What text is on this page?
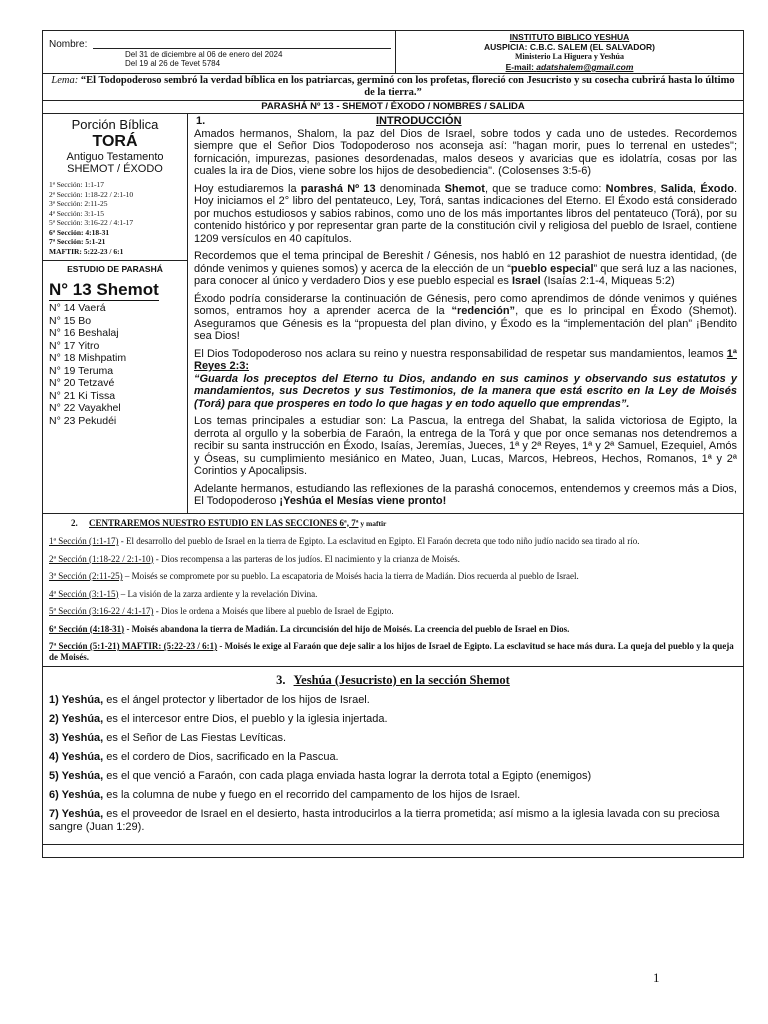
Nombre:
Del 31 de diciembre al 06 de enero del 2024
Del 19 al 26 de Tevet 5784
INSTITUTO BIBLICO YESHUA
AUSPICIA: C.B.C. SALEM (EL SALVADOR)
Ministerio La Higuera y Yeshúa
E-mail: adatshalem@gmail.com
Lema: “El Todopoderoso sembró la verdad bíblica en los patriarcas, germinó con los profetas, floreció con Jesucristo y su cosecha cubrirá hasta lo último de la tierra.”
PARASHÁ Nº 13 - SHEMOT / ÉXODO / NOMBRES / SALIDA
Porción Bíblica
TORÁ
Antiguo Testamento
SHEMOT / ÉXODO
1ª Sección: 1:1-17
2ª Sección: 1:18-22 / 2:1-10
3ª Sección: 2:11-25
4ª Sección: 3:1-15
5ª Sección: 3:16-22 / 4:1-17
6ª Sección: 4:18-31
7ª Sección: 5:1-21
MAFTIR: 5:22-23 / 6:1
ESTUDIO DE PARASHÁ
N° 13 Shemot
N° 14 Vaerá
N° 15 Bo
N° 16 Beshalaj
N° 17 Yitro
N° 18 Mishpatim
N° 19 Teruma
N° 20 Tetzavé
N° 21 Ki Tissa
N° 22 Vayakhel
N° 23 Pekudéi
1.	INTRODUCCIÓN

Amados hermanos, Shalom, la paz del Dios de Israel, sobre todos y cada uno de ustedes. Recordemos siempre que el Señor Dios Todopoderoso nos aconseja así: "hagan morir, pues lo terrenal en ustedes"; fornicación, impurezas, pasiones desordenadas, malos deseos y avaricias que es idolatría, cosas por las cuales la ira de Dios, viene sobre los hijos de desobediencia". (Colosenses 3:5-6)

Hoy estudiaremos la parashá Nº 13 denominada Shemot, que se traduce como: Nombres, Salida, Éxodo. Hoy iniciamos el 2° libro del pentateuco, Ley, Torá, santas indicaciones del Eterno. El Éxodo está considerado por muchos estudiosos y sabios rabinos, como uno de los más importantes libros del pentateuco (Torá), por su contenido histórico y por representar gran parte de la constitución civil y religiosa del pueblo de Israel, contiene 1209 versículos en 40 capítulos.

Recordemos que el tema principal de Bereshit / Génesis, nos habló en 12 parashiot de nuestra identidad, (de dónde venimos y quienes somos) y acerca de la elección de un “pueblo especial” que será luz a las naciones, para conocer al único y verdadero Dios y ese pueblo especial es Israel (Isaías 2:1-4, Miqueas 5:2)

Éxodo podría considerarse la continuación de Génesis, pero como aprendimos de dónde venimos y quiénes somos, entramos hoy a aprender acerca de la “redención”, que es lo principal en Éxodo (Shemot). Aseguramos que Génesis es la “propuesta del plan divino, y Éxodo es la “implementación del plan” ¡Bendito sea Dios!

El Dios Todopoderoso nos aclara su reino y nuestra responsabilidad de respetar sus mandamientos, leamos 1ª Reyes 2:3:
“Guarda los preceptos del Eterno tu Dios, andando en sus caminos y observando sus estatutos y mandamientos, sus Decretos y sus Testimonios, de la manera que está escrito en la Ley de Moisés (Torá) para que prosperes en todo lo que hagas y en todo aquello que emprendas”.

Los temas principales a estudiar son: La Pascua, la entrega del Shabat, la salida victoriosa de Egipto, la derrota al orgullo y la soberbia de Faraón, la entrega de la Torá y que por once semanas nos detendremos a recibir su santa instrucción en Éxodo, Isaías, Jeremías, Jueces, 1ª y 2ª Reyes, 1ª y 2ª Samuel, Ezequiel, Amós y Óseas, su cumplimiento mesiánico en Mateo, Juan, Lucas, Marcos, Hebreos, Hechos, Romanos, 1ª y 2ª Corintios y Apocalipsis.

Adelante hermanos, estudiando las reflexiones de la parashá conocemos, entendemos y creemos más a Dios, El Todopoderoso ¡Yeshúa el Mesías viene pronto!

2. CENTRAREMOS NUESTRO ESTUDIO EN LAS SECCIONES 6ª, 7ª y maftir

1ª Sección (1:1-17) - El desarrollo del pueblo de Israel en la tierra de Egipto. La esclavitud en Egipto. El Faraón decreta que todo niño judío nacido sea tirado al río.

2ª Sección (1:18-22 / 2:1-10) - Dios recompensa a las parteras de los judíos. El nacimiento y la crianza de Moisés.

3ª Sección (2:11-25) – Moisés se compromete por su pueblo. La escapatoria de Moisés hacia la tierra de Madián. Dios recuerda al pueblo de Israel.

4ª Sección (3:1-15) – La visión de la zarza ardiente y la revelación Divina.

5ª Sección (3:16-22 / 4:1-17) - Dios le ordena a Moisés que libere al pueblo de Israel de Egipto.

6ª Sección (4:18-31) - Moisés abandona la tierra de Madián. La circuncisión del hijo de Moisés. La creencia del pueblo de Israel en Dios.

7ª Sección (5:1-21) MAFTIR: (5:22-23 / 6:1) - Moisés le exige al Faraón que deje salir a los hijos de Israel de Egipto. La esclavitud se hace más dura. La queja del pueblo y la queja de Moisés.

3. Yeshúa (Jesucristo) en la sección Shemot

1) Yeshúa, es el ángel protector y libertador de los hijos de Israel.

2) Yeshúa, es el intercesor entre Dios, el pueblo y la iglesia injertada.

3) Yeshúa, es el Señor de Las Fiestas Levíticas.

4) Yeshúa, es el cordero de Dios, sacrificado en la Pascua.

5) Yeshúa, es el que venció a Faraón, con cada plaga enviada hasta lograr la derrota total a Egipto (enemigos)

6) Yeshúa, es la columna de nube y fuego en el recorrido del campamento de los hijos de Israel.

7) Yeshúa, es el proveedor de Israel en el desierto, hasta introducirlos a la tierra prometida; así mismo a la iglesia lavada con su preciosa sangre (Juan 1:29).

1
